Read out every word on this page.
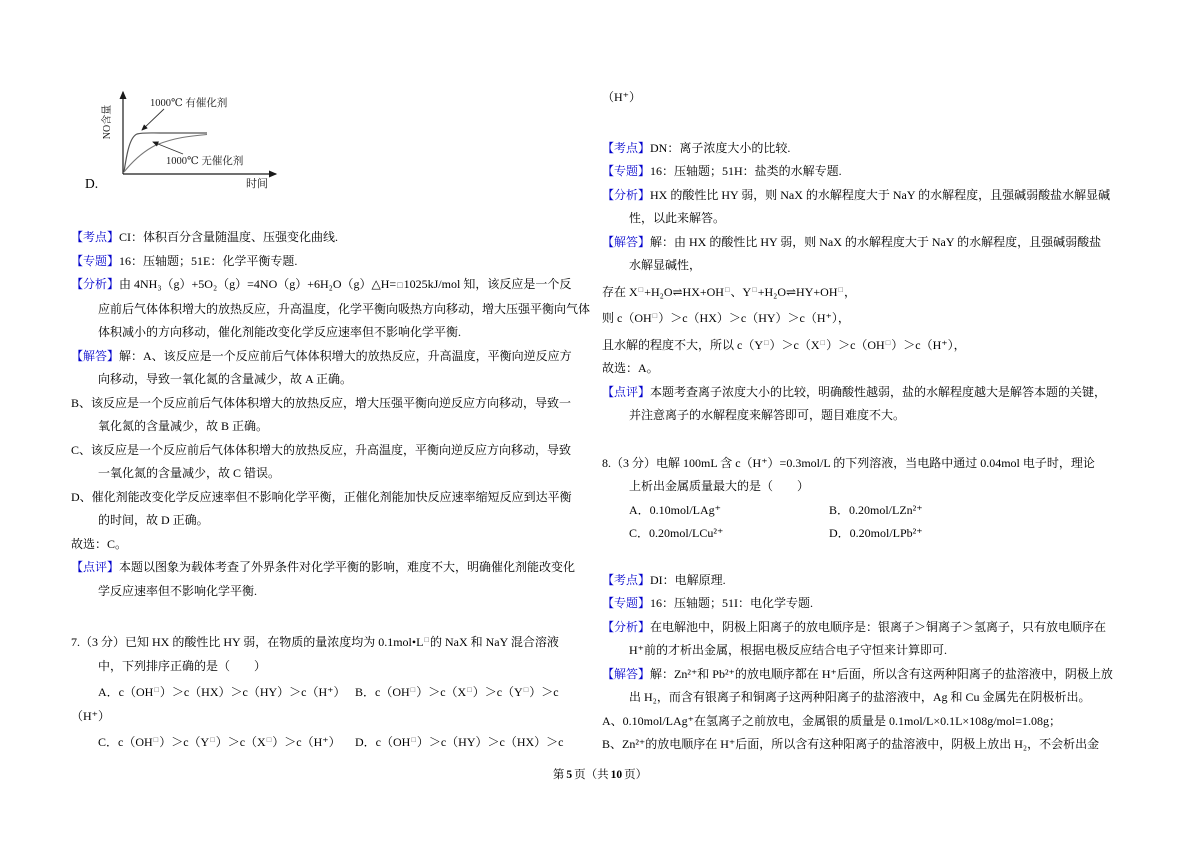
1000℃ 有催化剂
1000℃ 无催化剂
NO含量
时间
D.
【考点】CI：体积百分含量随温度、压强变化曲线.
【专题】16：压轴题；51E：化学平衡专题.
【分析】由 4NH₃（g）+5O₂（g）=4NO（g）+6H₂O（g）△H=□1025kJ/mol 知，该反应是一个反
应前后气体体积增大的放热反应，升高温度，化学平衡向吸热方向移动，增大压强平衡向气体
体积减小的方向移动，催化剂能改变化学反应速率但不影响化学平衡.
【解答】解：A、该反应是一个反应前后气体体积增大的放热反应，升高温度，平衡向逆反应方
向移动，导致一氧化氮的含量减少，故 A 正确。
B、该反应是一个反应前后气体体积增大的放热反应，增大压强平衡向逆反应方向移动，导致一
氧化氮的含量减少，故 B 正确。
C、该反应是一个反应前后气体体积增大的放热反应，升高温度，平衡向逆反应方向移动，导致
一氧化氮的含量减少，故 C 错误。
D、催化剂能改变化学反应速率但不影响化学平衡，正催化剂能加快反应速率缩短反应到达平衡
的时间，故 D 正确。
故选：C。
【点评】本题以图象为载体考查了外界条件对化学平衡的影响，难度不大，明确催化剂能改变化
学反应速率但不影响化学平衡.
7.（3 分）已知 HX 的酸性比 HY 弱，在物质的量浓度均为 0.1mol•L□的 NaX 和 NaY 混合溶液
中，下列排序正确的是（　　）
A．c（OH□）＞c（HX）＞c（HY）＞c（H⁺） B．c（OH□）＞c（X□）＞c（Y□）＞c
（H⁺）
C．c（OH□）＞c（Y□）＞c（X□）＞c（H⁺） D．c（OH□）＞c（HY）＞c（HX）＞c
（H⁺）
【考点】DN：离子浓度大小的比较.
【专题】16：压轴题；51H：盐类的水解专题.
【分析】HX 的酸性比 HY 弱，则 NaX 的水解程度大于 NaY 的水解程度，且强碱弱酸盐水解显碱
性，以此来解答。
【解答】解：由 HX 的酸性比 HY 弱，则 NaX 的水解程度大于 NaY 的水解程度，且强碱弱酸盐
水解显碱性，
存在 X□+H₂O⇌HX+OH□、Y□+H₂O⇌HY+OH□，
则 c（OH□）＞c（HX）＞c（HY）＞c（H⁺），
且水解的程度不大，所以 c（Y□）＞c（X□）＞c（OH□）＞c（H⁺），
故选：A。
【点评】本题考查离子浓度大小的比较，明确酸性越弱，盐的水解程度越大是解答本题的关键，
并注意离子的水解程度来解答即可，题目难度不大。
8.（3 分）电解 100mL 含 c（H⁺）=0.3mol/L 的下列溶液，当电路中通过 0.04mol 电子时，理论
上析出金属质量最大的是（　　）
A．0.10mol/LAg⁺	B．0.20mol/LZn²⁺
C．0.20mol/LCu²⁺	D．0.20mol/LPb²⁺
【考点】DI：电解原理.
【专题】16：压轴题；51I：电化学专题.
【分析】在电解池中，阴极上阳离子的放电顺序是：银离子＞铜离子＞氢离子，只有放电顺序在
H⁺前的才析出金属，根据电极反应结合电子守恒来计算即可.
【解答】解：Zn²⁺和 Pb²⁺的放电顺序都在 H⁺后面，所以含有这两种阳离子的盐溶液中，阴极上放
出 H₂，而含有银离子和铜离子这两种阳离子的盐溶液中，Ag 和 Cu 金属先在阴极析出。
A、0.10mol/LAg⁺在氢离子之前放电，金属银的质量是 0.1mol/L×0.1L×108g/mol=1.08g；
B、Zn²⁺的放电顺序在 H⁺后面，所以含有这种阳离子的盐溶液中，阴极上放出 H₂，不会析出金
第 5 页（共 10 页）
